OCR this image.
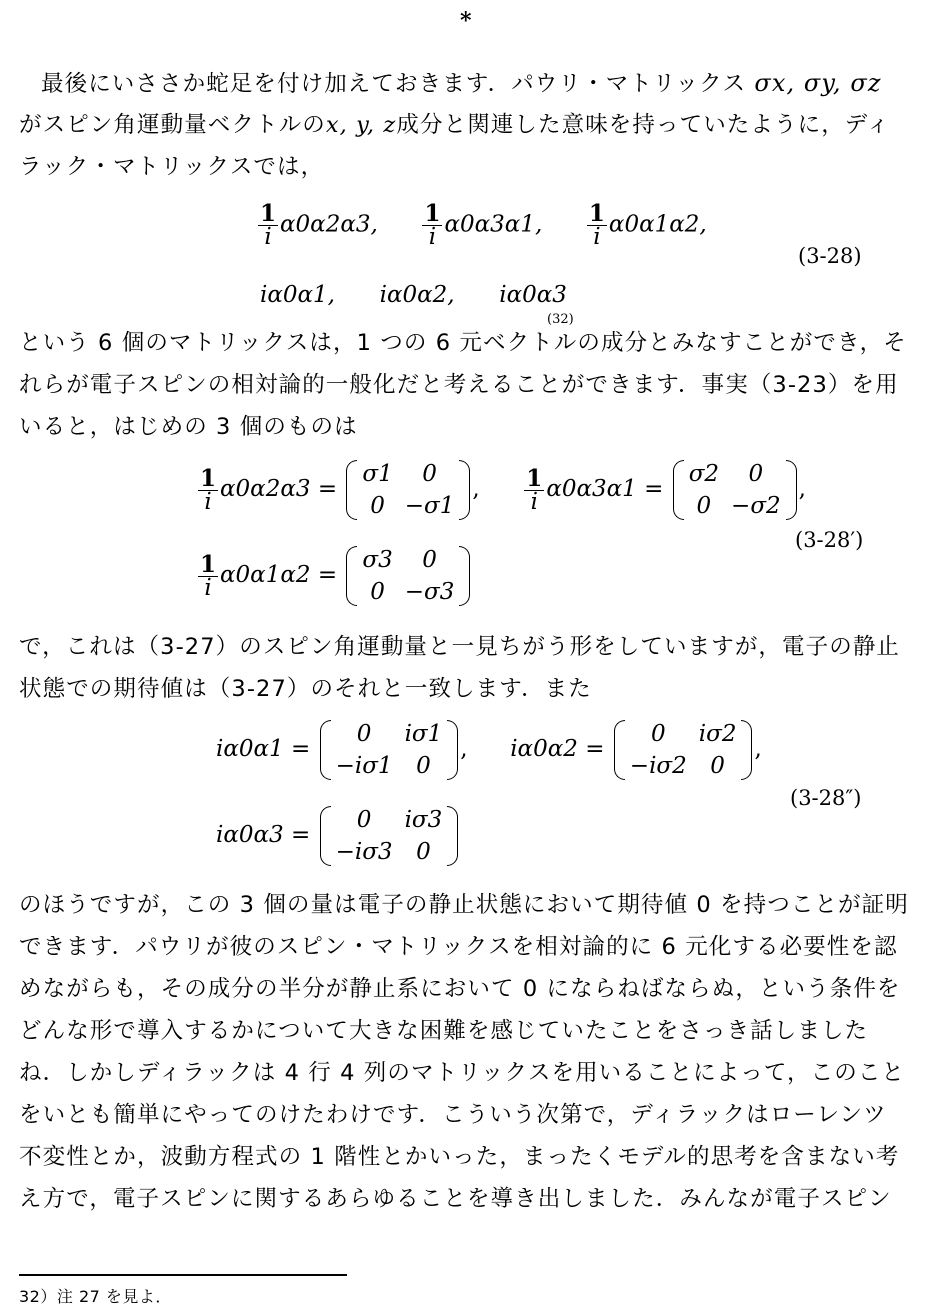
*
最後にいささか蛇足を付け加えておきます．パウリ・マトリックス σx, σy, σz
がスピン角運動量ベクトルのx, y, z成分と関連した意味を持っていたように，ディ
ラック・マトリックスでは，
$\frac{1}{i} \alpha 0\alpha 2\alpha 3$, $\frac{1}{i} \alpha 0\alpha 3\alpha 1$, $\frac{1}{i} \alpha 0\alpha 1\alpha 2$,
iα0α1, iα0α2, iα0α3
(3-28)
(32)
という 6 個のマトリックスは，1 つの 6 元ベクトルの成分とみなすことができ，そ
れらが電子スピンの相対論的一般化だと考えることができます．事実（3-23）を用
いると，はじめの 3 個のものは
$\frac{1}{i} \alpha 0\alpha 2\alpha 3$ =
σ1	0
0	−σ1
, $\frac{1}{i} \alpha 0\alpha 3\alpha 1$ =
σ2	0
0	−σ2
,
$\frac{1}{i} \alpha 0\alpha 1\alpha 2$ =
σ3	0
0	−σ3
(3-28′)
で，これは（3-27）のスピン角運動量と一見ちがう形をしていますが，電子の静止
状態での期待値は（3-27）のそれと一致します．また
iα0α1 =
0	iσ1
−iσ1	0
,  iα0α2 =
0	iσ2
−iσ2	0
,
iα0α3 =
0	iσ3
−iσ3	0
(3-28″)
のほうですが，この 3 個の量は電子の静止状態において期待値 0 を持つことが証明
できます．パウリが彼のスピン・マトリックスを相対論的に 6 元化する必要性を認
めながらも，その成分の半分が静止系において 0 にならねばならぬ，という条件を
どんな形で導入するかについて大きな困難を感じていたことをさっき話しました
ね．しかしディラックは 4 行 4 列のマトリックスを用いることによって，このこと
をいとも簡単にやってのけたわけです．こういう次第で，ディラックはローレンツ
不変性とか，波動方程式の 1 階性とかいった，まったくモデル的思考を含まない考
え方で，電子スピンに関するあらゆることを導き出しました．みんなが電子スピン
32）注 27 を見よ．
